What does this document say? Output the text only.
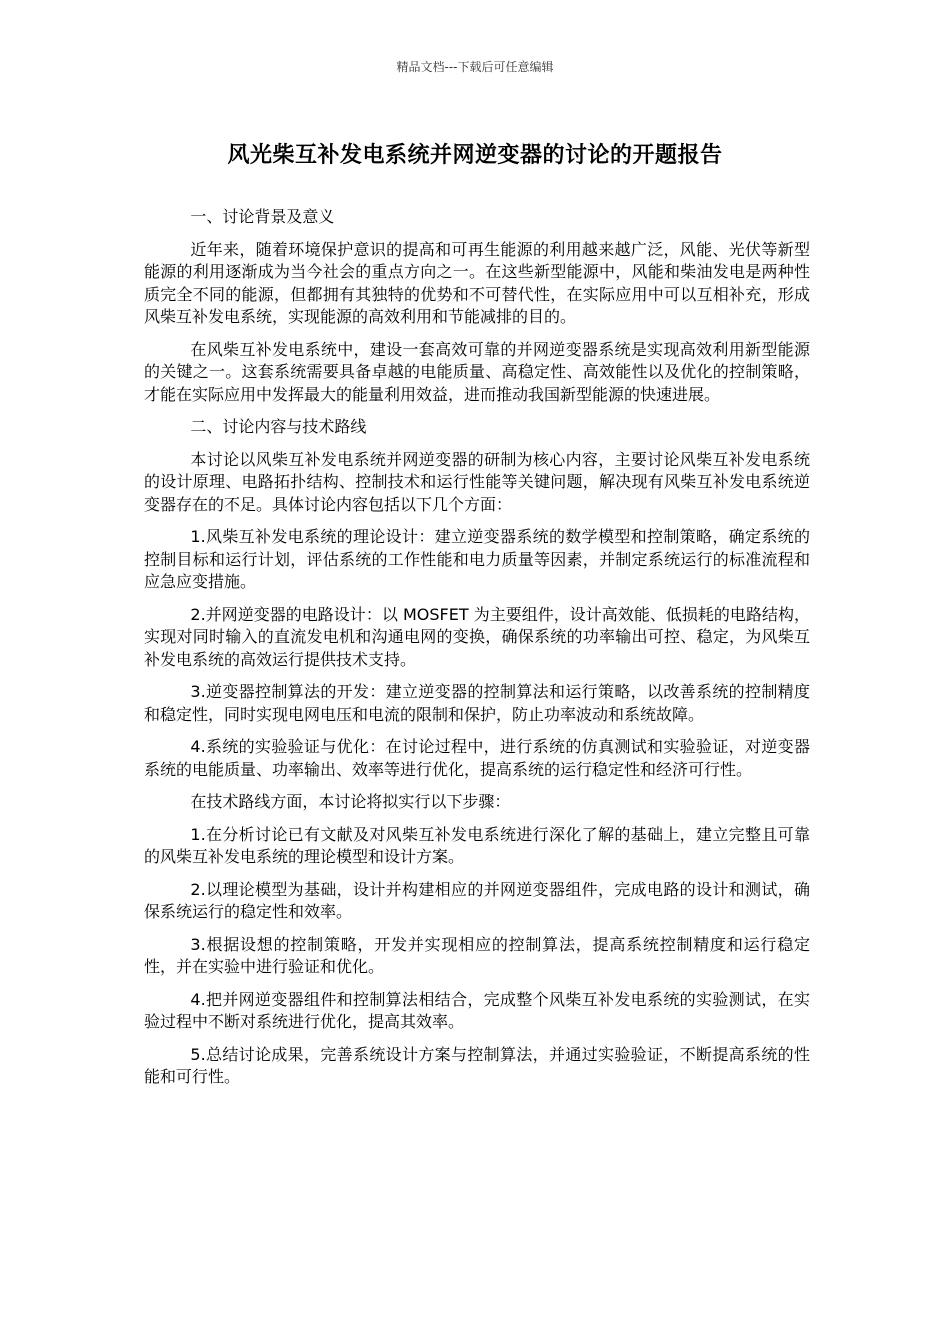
精品文档---下载后可任意编辑
风光柴互补发电系统并网逆变器的讨论的开题报告

一、讨论背景及意义

近年来，随着环境保护意识的提高和可再生能源的利用越来越广泛，风能、光伏等新型能源的利用逐渐成为当今社会的重点方向之一。在这些新型能源中，风能和柴油发电是两种性质完全不同的能源，但都拥有其独特的优势和不可替代性，在实际应用中可以互相补充，形成风柴互补发电系统，实现能源的高效利用和节能减排的目的。

在风柴互补发电系统中，建设一套高效可靠的并网逆变器系统是实现高效利用新型能源的关键之一。这套系统需要具备卓越的电能质量、高稳定性、高效能性以及优化的控制策略，才能在实际应用中发挥最大的能量利用效益，进而推动我国新型能源的快速进展。

二、讨论内容与技术路线

本讨论以风柴互补发电系统并网逆变器的研制为核心内容，主要讨论风柴互补发电系统的设计原理、电路拓扑结构、控制技术和运行性能等关键问题，解决现有风柴互补发电系统逆变器存在的不足。具体讨论内容包括以下几个方面：

1.风柴互补发电系统的理论设计：建立逆变器系统的数学模型和控制策略，确定系统的控制目标和运行计划，评估系统的工作性能和电力质量等因素，并制定系统运行的标准流程和应急应变措施。

2.并网逆变器的电路设计：以 MOSFET 为主要组件，设计高效能、低损耗的电路结构，实现对同时输入的直流发电机和沟通电网的变换，确保系统的功率输出可控、稳定，为风柴互补发电系统的高效运行提供技术支持。

3.逆变器控制算法的开发：建立逆变器的控制算法和运行策略，以改善系统的控制精度和稳定性，同时实现电网电压和电流的限制和保护，防止功率波动和系统故障。

4.系统的实验验证与优化：在讨论过程中，进行系统的仿真测试和实验验证，对逆变器系统的电能质量、功率输出、效率等进行优化，提高系统的运行稳定性和经济可行性。

在技术路线方面，本讨论将拟实行以下步骤：

1.在分析讨论已有文献及对风柴互补发电系统进行深化了解的基础上，建立完整且可靠的风柴互补发电系统的理论模型和设计方案。

2.以理论模型为基础，设计并构建相应的并网逆变器组件，完成电路的设计和测试，确保系统运行的稳定性和效率。

3.根据设想的控制策略，开发并实现相应的控制算法，提高系统控制精度和运行稳定性，并在实验中进行验证和优化。

4.把并网逆变器组件和控制算法相结合，完成整个风柴互补发电系统的实验测试，在实验过程中不断对系统进行优化，提高其效率。

5.总结讨论成果，完善系统设计方案与控制算法，并通过实验验证，不断提高系统的性能和可行性。
